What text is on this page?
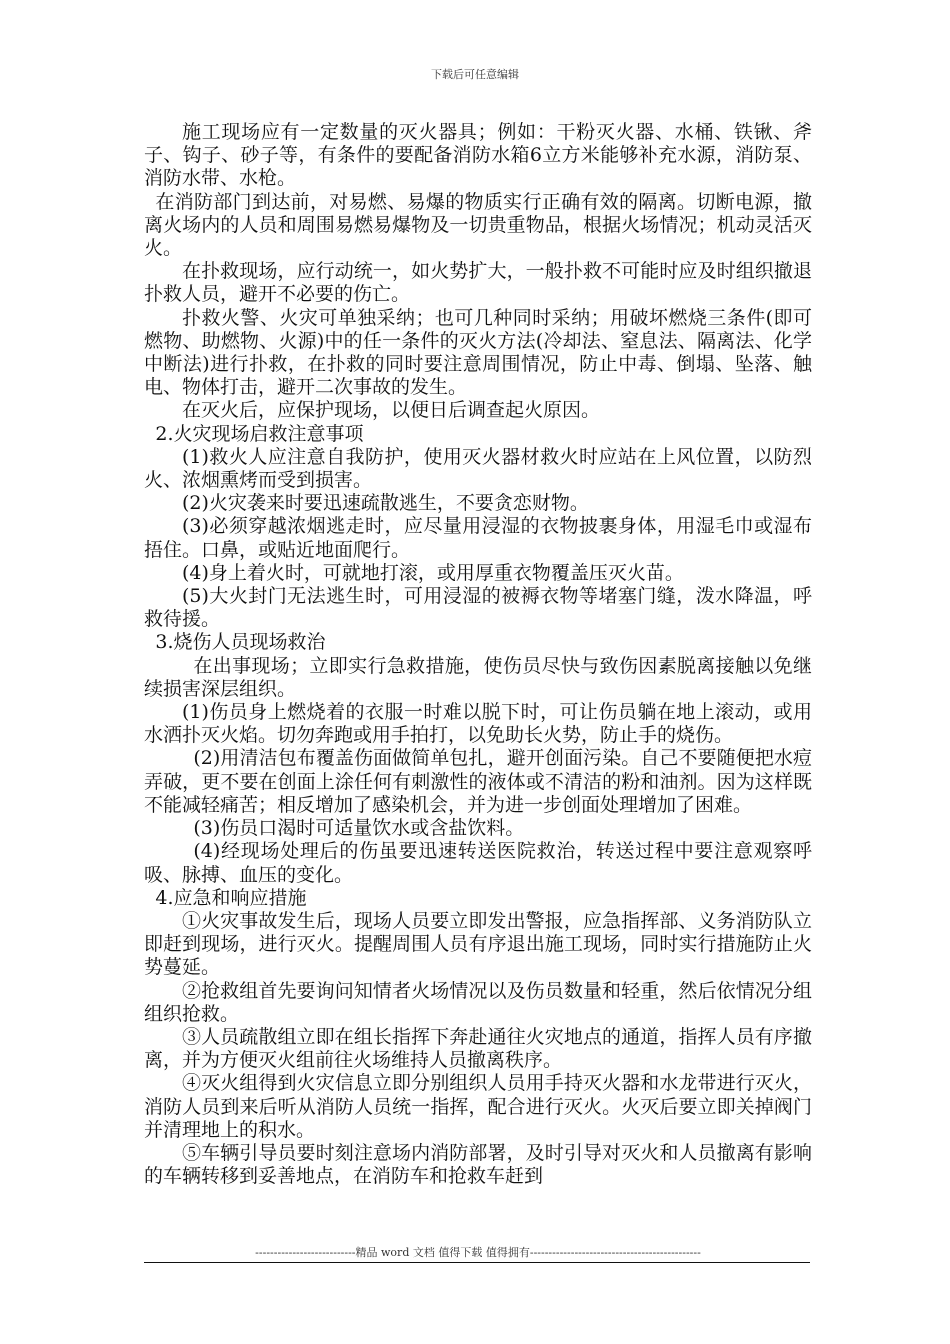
下载后可任意编辑

施工现场应有一定数量的灭火器具；例如：干粉灭火器、水桶、铁锹、斧子、钩子、砂子等，有条件的要配备消防水箱6立方米能够补充水源，消防泵、消防水带、水枪。

在消防部门到达前，对易燃、易爆的物质实行正确有效的隔离。切断电源，撤离火场内的人员和周围易燃易爆物及一切贵重物品，根据火场情况；机动灵活灭火。

在扑救现场，应行动统一，如火势扩大，一般扑救不可能时应及时组织撤退扑救人员，避开不必要的伤亡。

扑救火警、火灾可单独采纳；也可几种同时采纳；用破坏燃烧三条件(即可燃物、助燃物、火源)中的任一条件的灭火方法(冷却法、窒息法、隔离法、化学中断法)进行扑救，在扑救的同时要注意周围情况，防止中毒、倒塌、坠落、触电、物体打击，避开二次事故的发生。

在灭火后，应保护现场，以便日后调查起火原因。

2.火灾现场启救注意事项

(1)救火人应注意自我防护，使用灭火器材救火时应站在上风位置，以防烈火、浓烟熏烤而受到损害。

(2)火灾袭来时要迅速疏散逃生，不要贪恋财物。

(3)必须穿越浓烟逃走时，应尽量用浸湿的衣物披裹身体，用湿毛巾或湿布捂住。口鼻，或贴近地面爬行。

(4)身上着火时，可就地打滚，或用厚重衣物覆盖压灭火苗。

(5)大火封门无法逃生时，可用浸湿的被褥衣物等堵塞门缝，泼水降温，呼救待援。

3.烧伤人员现场救治

在出事现场；立即实行急救措施，使伤员尽快与致伤因素脱离接触以免继续损害深层组织。

(1)伤员身上燃烧着的衣服一时难以脱下时，可让伤员躺在地上滚动，或用水洒扑灭火焰。切勿奔跑或用手拍打，以免助长火势，防止手的烧伤。

(2)用清洁包布覆盖伤面做简单包扎，避开创面污染。自己不要随便把水痘弄破，更不要在创面上涂任何有刺激性的液体或不清洁的粉和油剂。因为这样既不能减轻痛苦；相反增加了感染机会，并为进一步创面处理增加了困难。

(3)伤员口渴时可适量饮水或含盐饮料。

(4)经现场处理后的伤虽要迅速转送医院救治，转送过程中要注意观察呼吸、脉搏、血压的变化。

4.应急和响应措施

①火灾事故发生后，现场人员要立即发出警报，应急指挥部、义务消防队立即赶到现场，进行灭火。提醒周围人员有序退出施工现场，同时实行措施防止火势蔓延。

②抢救组首先要询问知情者火场情况以及伤员数量和轻重，然后依情况分组组织抢救。

③人员疏散组立即在组长指挥下奔赴通往火灾地点的通道，指挥人员有序撤离，并为方便灭火组前往火场维持人员撤离秩序。

④灭火组得到火灾信息立即分别组织人员用手持灭火器和水龙带进行灭火，消防人员到来后听从消防人员统一指挥，配合进行灭火。火灭后要立即关掉阀门并清理地上的积水。

⑤车辆引导员要时刻注意场内消防部署，及时引导对灭火和人员撤离有影响的车辆转移到妥善地点，在消防车和抢救车赶到

---------------------------精品 word 文档 值得下载 值得拥有----------------------------------------------
